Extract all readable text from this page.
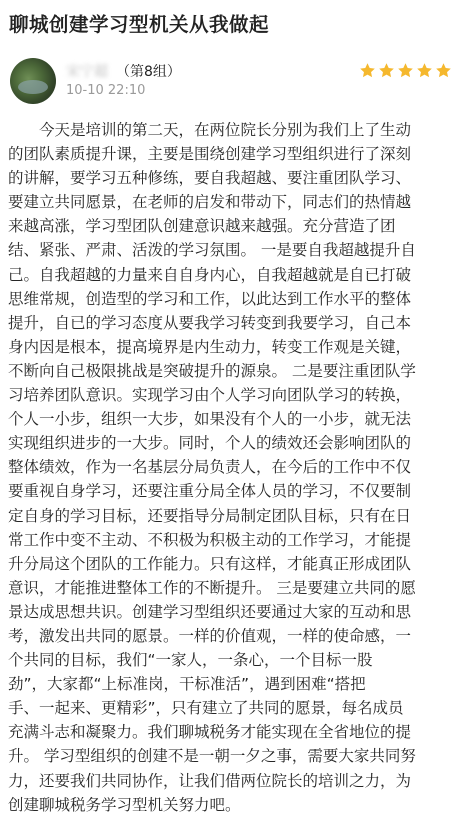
聊城创建学习型机关从我做起
宋宁超 （第8组）
10-10 22:10
　　今天是培训的第二天，在两位院长分别为我们上了生动
的团队素质提升课，主要是围绕创建学习型组织进行了深刻
的讲解，要学习五种修练，要自我超越、要注重团队学习、
要建立共同愿景，在老师的启发和带动下，同志们的热情越
来越高涨，学习型团队创建意识越来越强。充分营造了团
结、紧张、严肃、活泼的学习氛围。 一是要自我超越提升自
己。自我超越的力量来自自身内心，自我超越就是自已打破
思维常规，创造型的学习和工作，以此达到工作水平的整体
提升，自已的学习态度从要我学习转变到我要学习，自己本
身内因是根本，提高境界是内生动力，转变工作观是关键，
不断向自己极限挑战是突破提升的源泉。 二是要注重团队学
习培养团队意识。实现学习由个人学习向团队学习的转换，
个人一小步，组织一大步，如果没有个人的一小步，就无法
实现组织进步的一大步。同时，个人的绩效还会影响团队的
整体绩效，作为一名基层分局负责人，在今后的工作中不仅
要重视自身学习，还要注重分局全体人员的学习，不仅要制
定自身的学习目标，还要指导分局制定团队目标，只有在日
常工作中变不主动、不积极为积极主动的工作学习，才能提
升分局这个团队的工作能力。只有这样，才能真正形成团队
意识，才能推进整体工作的不断提升。 三是要建立共同的愿
景达成思想共识。创建学习型组织还要通过大家的互动和思
考，激发出共同的愿景。一样的价值观，一样的使命感，一
个共同的目标，我们“一家人，一条心，一个目标一股
劲”，大家都“上标准岗，干标准活”，遇到困难“搭把
手、一起来、更精彩”，只有建立了共同的愿景，每名成员
充满斗志和凝聚力。我们聊城税务才能实现在全省地位的提
升。 学习型组织的创建不是一朝一夕之事，需要大家共同努
力，还要我们共同协作，让我们借两位院长的培训之力，为
创建聊城税务学习型机关努力吧。
